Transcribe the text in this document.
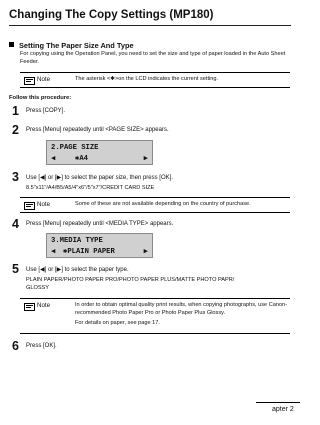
Changing The Copy Settings (MP180)
Setting The Paper Size And Type
For copying using the Operation Panel, you need to set the size and type of paper loaded in the Auto Sheet Feeder.
Note	The asterisk <✱>on the LCD indicates the current setting.
Follow this procedure:
1 Press [COPY].
2 Press [Menu] repeatedly until <PAGE SIZE> appears.
2.PAGE SIZE
◀	✱A4	▶
3 Use [◀] or [▶] to select the paper size, then press [OK].
8.5"x11"/A4/B5/A5/4"x6"/5"x7"/CREDIT CARD SIZE
Note	Some of these are not available depending on the country of purchase.
4 Press [Menu] repeatedly until <MEDIA TYPE> appears.
3.MEDIA TYPE
◀ ✱PLAIN PAPER	▶
5 Use [◀] or [▶] to select the paper type.
PLAIN PAPER/PHOTO PAPER PRO/PHOTO PAPER PLUS/MATTE PHOTO PAPR/ GLOSSY
Note	In order to obtain optimal quality print results, when copying photographs, use Canon-recommended Photo Paper Pro or Photo Paper Plus Glossy.
For details on paper, see page 17.
6 Press [OK].
apter 2
